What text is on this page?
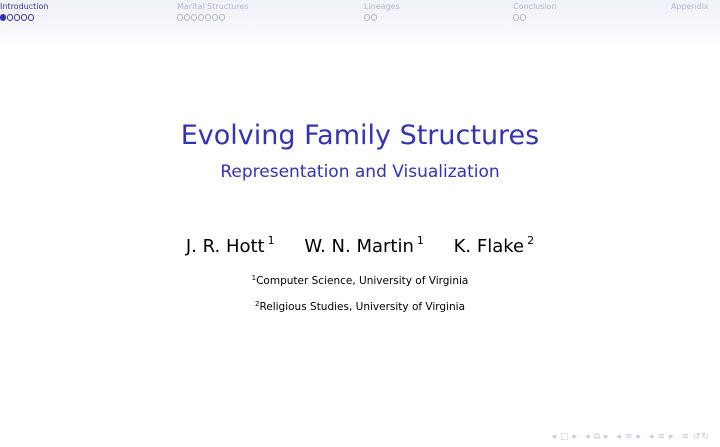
Introduction	Marital Structures	Lineages	Conclusion	Appendix
Evolving Family Structures
Representation and Visualization
J. R. Hott $^1$ W. N. Martin $^1$ K. Flake $^2$
$^1$Computer Science, University of Virginia
$^2$Religious Studies, University of Virginia
◂ □ ▸ ◂ ⧉ ▸ ◂ ≡ ▸ ◂ ≡ ▸ ≡ ↺↻
